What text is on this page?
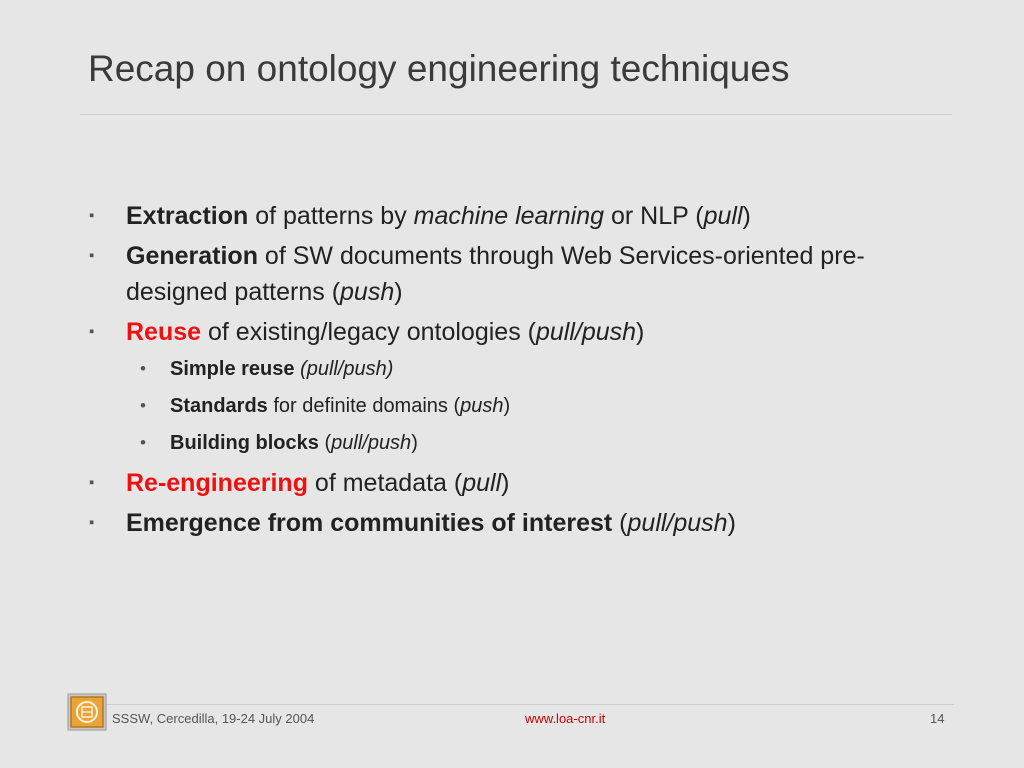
Recap on ontology engineering techniques
▪ Extraction of patterns by machine learning or NLP (pull)
▪ Generation of SW documents through Web Services-oriented pre-designed patterns (push)
▪ Reuse of existing/legacy ontologies (pull/push)
• Simple reuse (pull/push)
• Standards for definite domains (push)
• Building blocks (pull/push)
▪ Re-engineering of metadata (pull)
▪ Emergence from communities of interest (pull/push)
SSSW, Cercedilla, 19-24 July 2004	www.loa-cnr.it	14
